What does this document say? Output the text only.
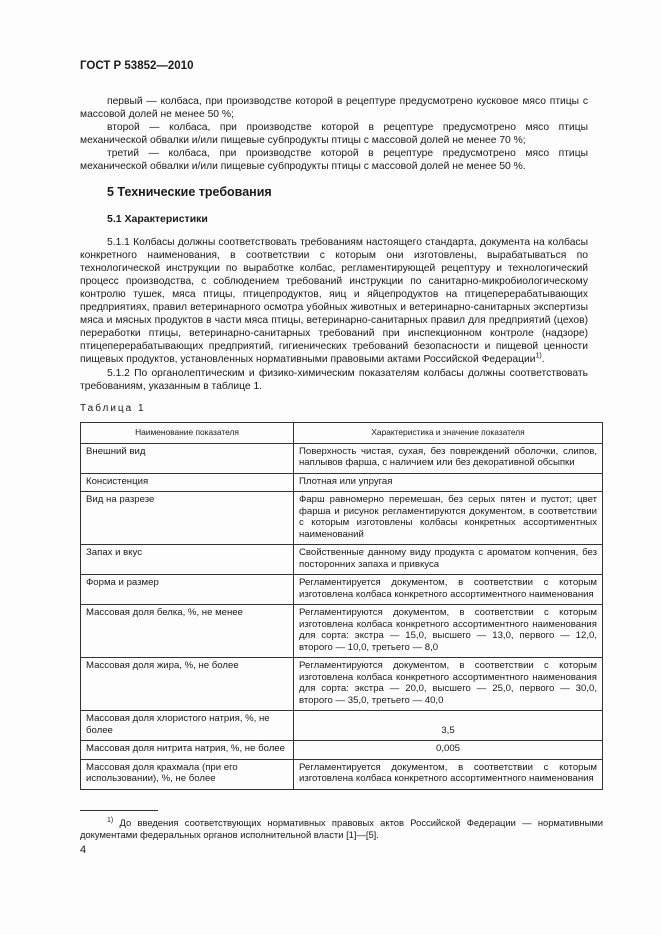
ГОСТ Р 53852—2010

первый — колбаса, при производстве которой в рецептуре предусмотрено кусковое мясо птицы с массовой долей не менее 50 %;

второй — колбаса, при производстве которой в рецептуре предусмотрено мясо птицы механической обвалки и/или пищевые субпродукты птицы с массовой долей не менее 70 %;

третий — колбаса, при производстве которой в рецептуре предусмотрено мясо птицы механической обвалки и/или пищевые субпродукты птицы с массовой долей не менее 50 %.

5 Технические требования
5.1 Характеристики

5.1.1 Колбасы должны соответствовать требованиям настоящего стандарта, документа на колбасы конкретного наименования, в соответствии с которым они изготовлены, вырабатываться по технологической инструкции по выработке колбас, регламентирующей рецептуру и технологический процесс производства, с соблюдением требований инструкции по санитарно-микробиологическому контролю тушек, мяса птицы, птицепродуктов, яиц и яйцепродуктов на птицеперерабатывающих предприятиях, правил ветеринарного осмотра убойных животных и ветеринарно-санитарных экспертизы мяса и мясных продуктов в части мяса птицы, ветеринарно-санитарных правил для предприятий (цехов) переработки птицы, ветеринарно-санитарных требований при инспекционном контроле (надзоре) птицеперерабатывающих предприятий, гигиенических требований безопасности и пищевой ценности пищевых продуктов, установленных нормативными правовыми актами Российской Федерации$^{1)}$.

5.1.2 По органолептическим и физико-химическим показателям колбасы должны соответствовать требованиям, указанным в таблице 1.

Таблица 1
Наименование показателя	Характеристика и значение показателя
Внешний вид	Поверхность чистая, сухая, без повреждений оболочки, слипов, наплывов фарша, с наличием или без декоративной обсыпки
Консистенция	Плотная или упругая
Вид на разрезе	Фарш равномерно перемешан, без серых пятен и пустот; цвет фарша и рисунок регламентируются документом, в соответствии с которым изготовлены колбасы конкретных ассортиментных наименований
Запах и вкус	Свойственные данному виду продукта с ароматом копчения, без посторонних запаха и привкуса
Форма и размер	Регламентируется документом, в соответствии с которым изготовлена колбаса конкретного ассортиментного наименования
Массовая доля белка, %, не менее	Регламентируются документом, в соответствии с которым изготовлена колбаса конкретного ассортиментного наименования для сорта: экстра — 15,0, высшего — 13,0, первого — 12,0, второго — 10,0, третьего — 8,0
Массовая доля жира, %, не более	Регламентируются документом, в соответствии с которым изготовлена колбаса конкретного ассортиментного наименования для сорта: экстра — 20,0, высшего — 25,0, первого — 30,0, второго — 35,0, третьего — 40,0
Массовая доля хлористого натрия, %, не более	3,5
Массовая доля нитрита натрия, %, не более	0,005
Массовая доля крахмала (при его использовании), %, не более	Регламентируется документом, в соответствии с которым изготовлена колбаса конкретного ассортиментного наименования
$^{1)}$ До введения соответствующих нормативных правовых актов Российской Федерации — нормативными документами федеральных органов исполнительной власти [1]—[5].
4
